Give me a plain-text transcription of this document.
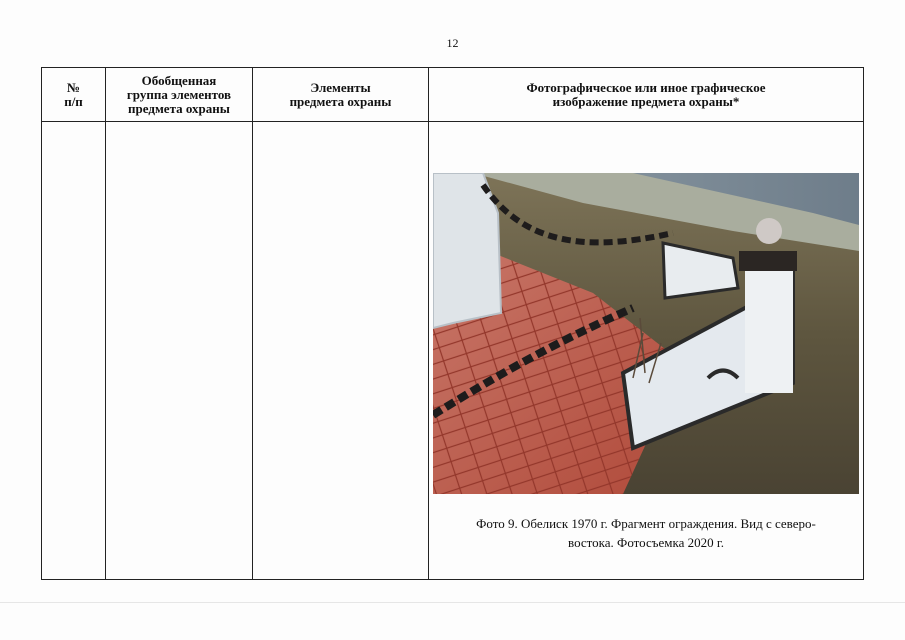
12
№
п/п
Обобщенная
группа элементов
предмета охраны
Элементы
предмета охраны
Фотографическое или иное графическое
изображение предмета охраны*
Фото 9. Обелиск 1970 г. Фрагмент ограждения. Вид с северо-
востока. Фотосъемка 2020 г.
